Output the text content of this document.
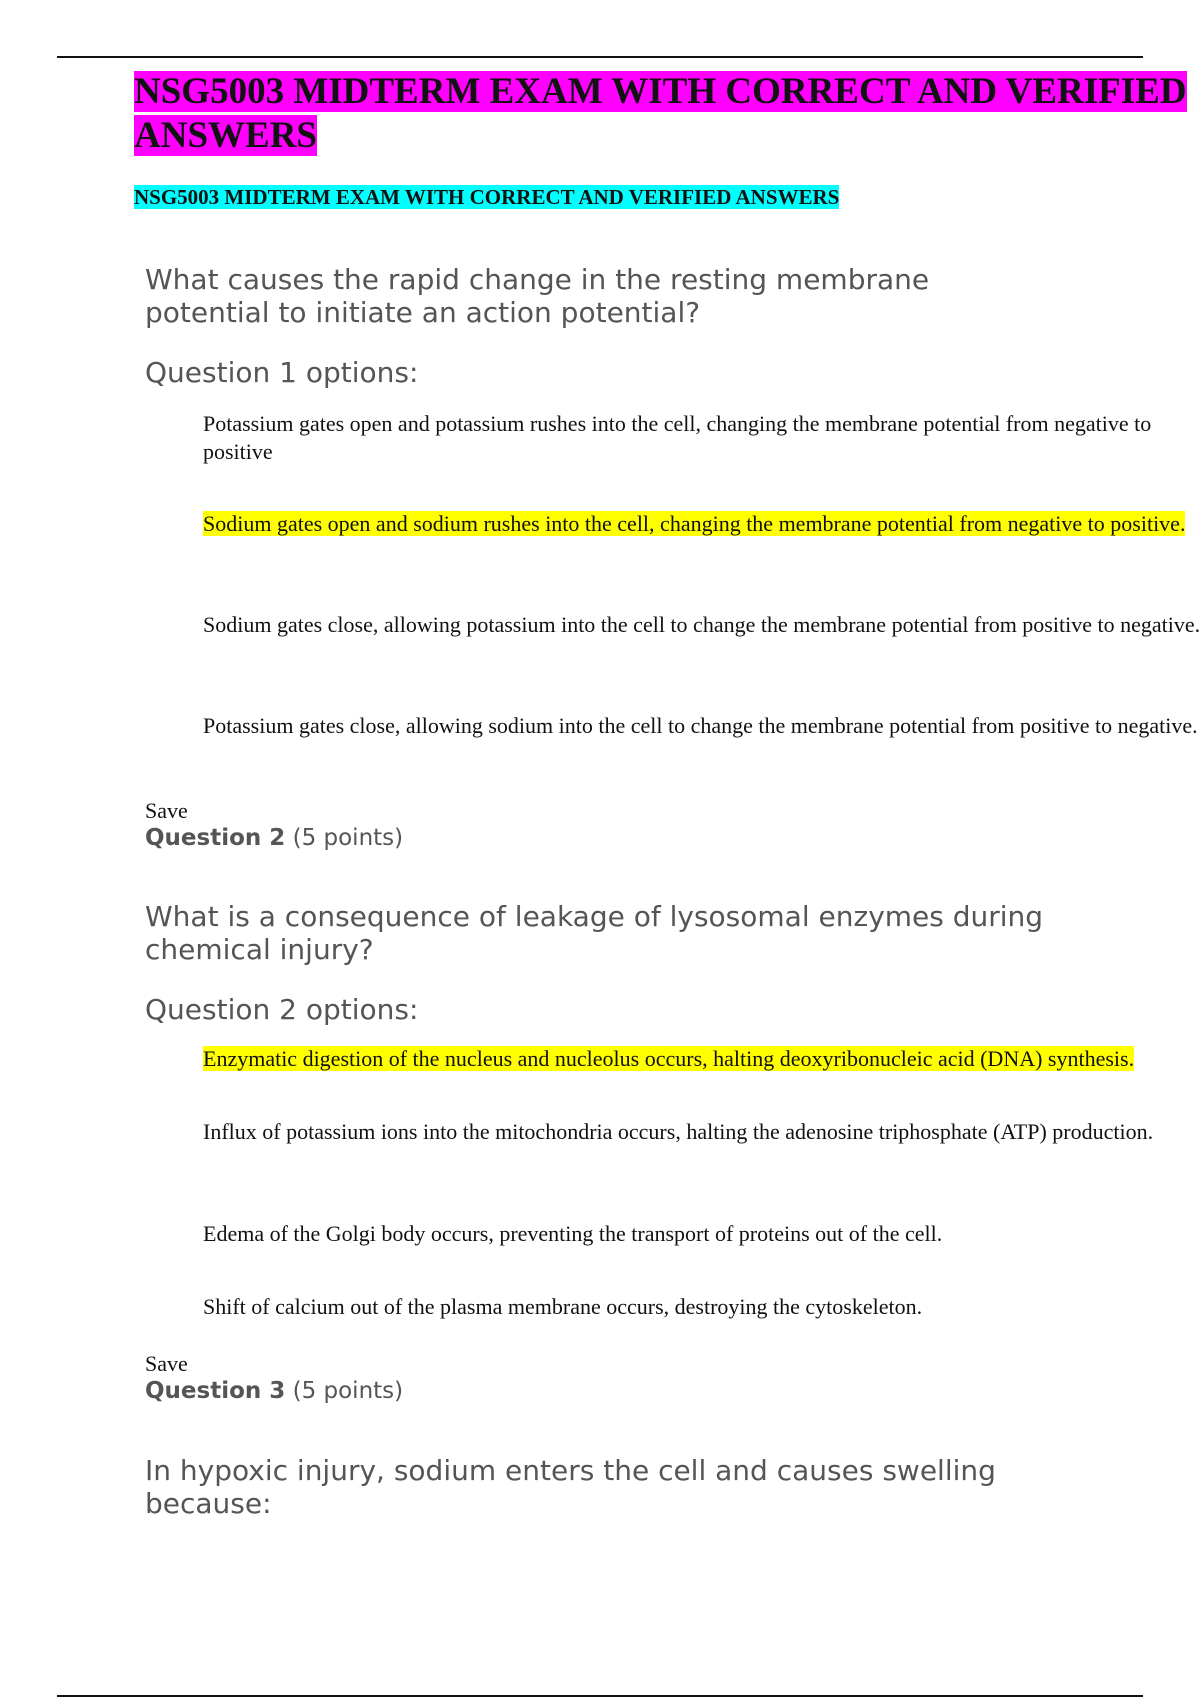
NSG5003 MIDTERM EXAM WITH CORRECT AND VERIFIED ANSWERS

NSG5003 MIDTERM EXAM WITH CORRECT AND VERIFIED ANSWERS

What causes the rapid change in the resting membrane potential to initiate an action potential?

Question 1 options:

Potassium gates open and potassium rushes into the cell, changing the membrane potential from negative to positive

Sodium gates open and sodium rushes into the cell, changing the membrane potential from negative to positive.

Sodium gates close, allowing potassium into the cell to change the membrane potential from positive to negative.

Potassium gates close, allowing sodium into the cell to change the membrane potential from positive to negative.

Save

Question 2 (5 points)

What is a consequence of leakage of lysosomal enzymes during chemical injury?

Question 2 options:

Enzymatic digestion of the nucleus and nucleolus occurs, halting deoxyribonucleic acid (DNA) synthesis.

Influx of potassium ions into the mitochondria occurs, halting the adenosine triphosphate (ATP) production.

Edema of the Golgi body occurs, preventing the transport of proteins out of the cell.

Shift of calcium out of the plasma membrane occurs, destroying the cytoskeleton.

Save

Question 3 (5 points)

In hypoxic injury, sodium enters the cell and causes swelling because:
